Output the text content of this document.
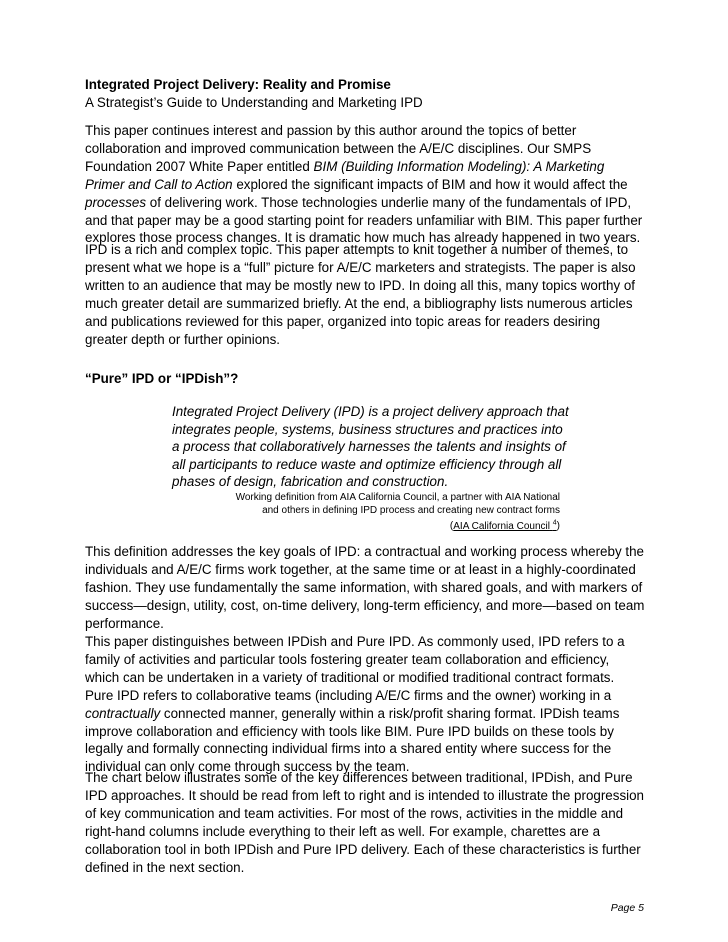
Integrated Project Delivery: Reality and Promise
A Strategist’s Guide to Understanding and Marketing IPD

This paper continues interest and passion by this author around the topics of better collaboration and improved communication between the A/E/C disciplines. Our SMPS Foundation 2007 White Paper entitled BIM (Building Information Modeling): A Marketing Primer and Call to Action explored the significant impacts of BIM and how it would affect the processes of delivering work. Those technologies underlie many of the fundamentals of IPD, and that paper may be a good starting point for readers unfamiliar with BIM. This paper further explores those process changes. It is dramatic how much has already happened in two years.

IPD is a rich and complex topic. This paper attempts to knit together a number of themes, to present what we hope is a “full” picture for A/E/C marketers and strategists. The paper is also written to an audience that may be mostly new to IPD. In doing all this, many topics worthy of much greater detail are summarized briefly. At the end, a bibliography lists numerous articles and publications reviewed for this paper, organized into topic areas for readers desiring greater depth or further opinions.

“Pure” IPD or “IPDish”?
Integrated Project Delivery (IPD) is a project delivery approach that integrates people, systems, business structures and practices into a process that collaboratively harnesses the talents and insights of all participants to reduce waste and optimize efficiency through all phases of design, fabrication and construction.
Working definition from AIA California Council, a partner with AIA National
and others in defining IPD process and creating new contract forms
(AIA California Council $^4$)

This definition addresses the key goals of IPD: a contractual and working process whereby the individuals and A/E/C firms work together, at the same time or at least in a highly-coordinated fashion. They use fundamentally the same information, with shared goals, and with markers of success—design, utility, cost, on-time delivery, long-term efficiency, and more—based on team performance.

This paper distinguishes between IPDish and Pure IPD. As commonly used, IPD refers to a family of activities and particular tools fostering greater team collaboration and efficiency, which can be undertaken in a variety of traditional or modified traditional contract formats. Pure IPD refers to collaborative teams (including A/E/C firms and the owner) working in a contractually connected manner, generally within a risk/profit sharing format. IPDish teams improve collaboration and efficiency with tools like BIM. Pure IPD builds on these tools by legally and formally connecting individual firms into a shared entity where success for the individual can only come through success by the team.

The chart below illustrates some of the key differences between traditional, IPDish, and Pure IPD approaches. It should be read from left to right and is intended to illustrate the progression of key communication and team activities. For most of the rows, activities in the middle and right-hand columns include everything to their left as well. For example, charettes are a collaboration tool in both IPDish and Pure IPD delivery. Each of these characteristics is further defined in the next section.

Page 5
